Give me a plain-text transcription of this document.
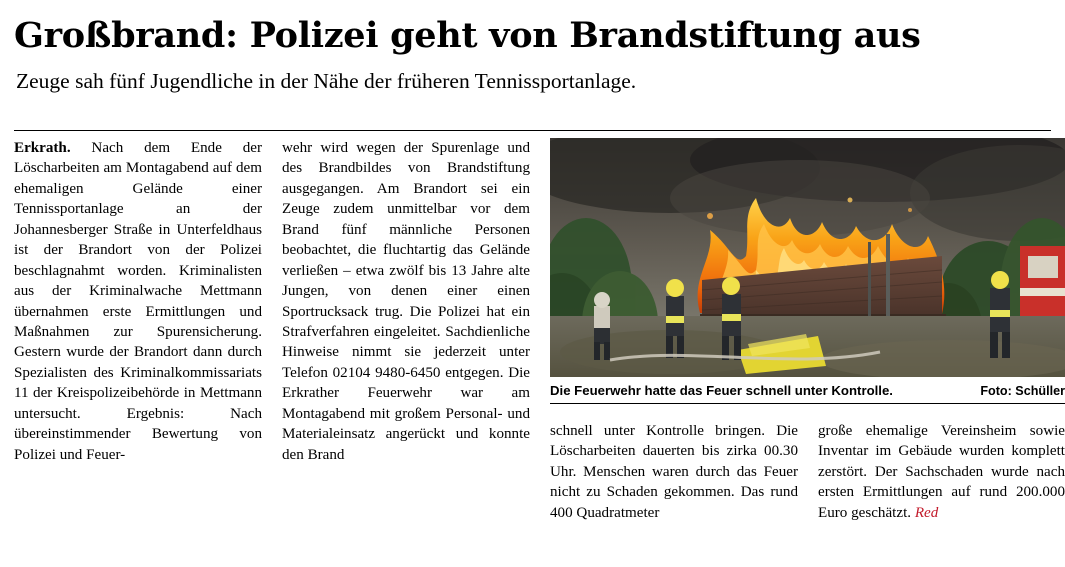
Großbrand: Polizei geht von Brandstiftung aus
Zeuge sah fünf Jugendliche in der Nähe der früheren Tennissportanlage.

Erkrath. Nach dem Ende der Löscharbeiten am Montagabend auf dem ehemaligen Gelände einer Tennissportanlage an der Johannesberger Straße in Unterfeldhaus ist der Brandort von der Polizei beschlagnahmt worden. Kriminalisten aus der Kriminalwache Mettmann übernahmen erste Ermittlungen und Maßnahmen zur Spurensicherung. Gestern wurde der Brandort dann durch Spezialisten des Kriminalkommissariats 11 der Kreispolizeibehörde in Mettmann untersucht. Ergebnis: Nach übereinstimmender Bewertung von Polizei und Feuer-

wehr wird wegen der Spurenlage und des Brandbildes von Brandstiftung ausgegangen. Am Brandort sei ein Zeuge zudem unmittelbar vor dem Brand fünf männliche Personen beobachtet, die fluchtartig das Gelände verließen – etwa zwölf bis 13 Jahre alte Jungen, von denen einer einen Sportrucksack trug. Die Polizei hat ein Strafverfahren eingeleitet. Sachdienliche Hinweise nimmt sie jederzeit unter Telefon 02104 9480-6450 entgegen. Die Erkrather Feuerwehr war am Montagabend mit großem Personal- und Materialeinsatz angerückt und konnte den Brand

Die Feuerwehr hatte das Feuer schnell unter Kontrolle.	Foto: Schüller

schnell unter Kontrolle bringen. Die Löscharbeiten dauerten bis zirka 00.30 Uhr. Menschen waren durch das Feuer nicht zu Schaden gekommen. Das rund 400 Quadratmeter

große ehemalige Vereinsheim sowie Inventar im Gebäude wurden komplett zerstört. Der Sachschaden wurde nach ersten Ermittlungen auf rund 200.000 Euro geschätzt. Red
